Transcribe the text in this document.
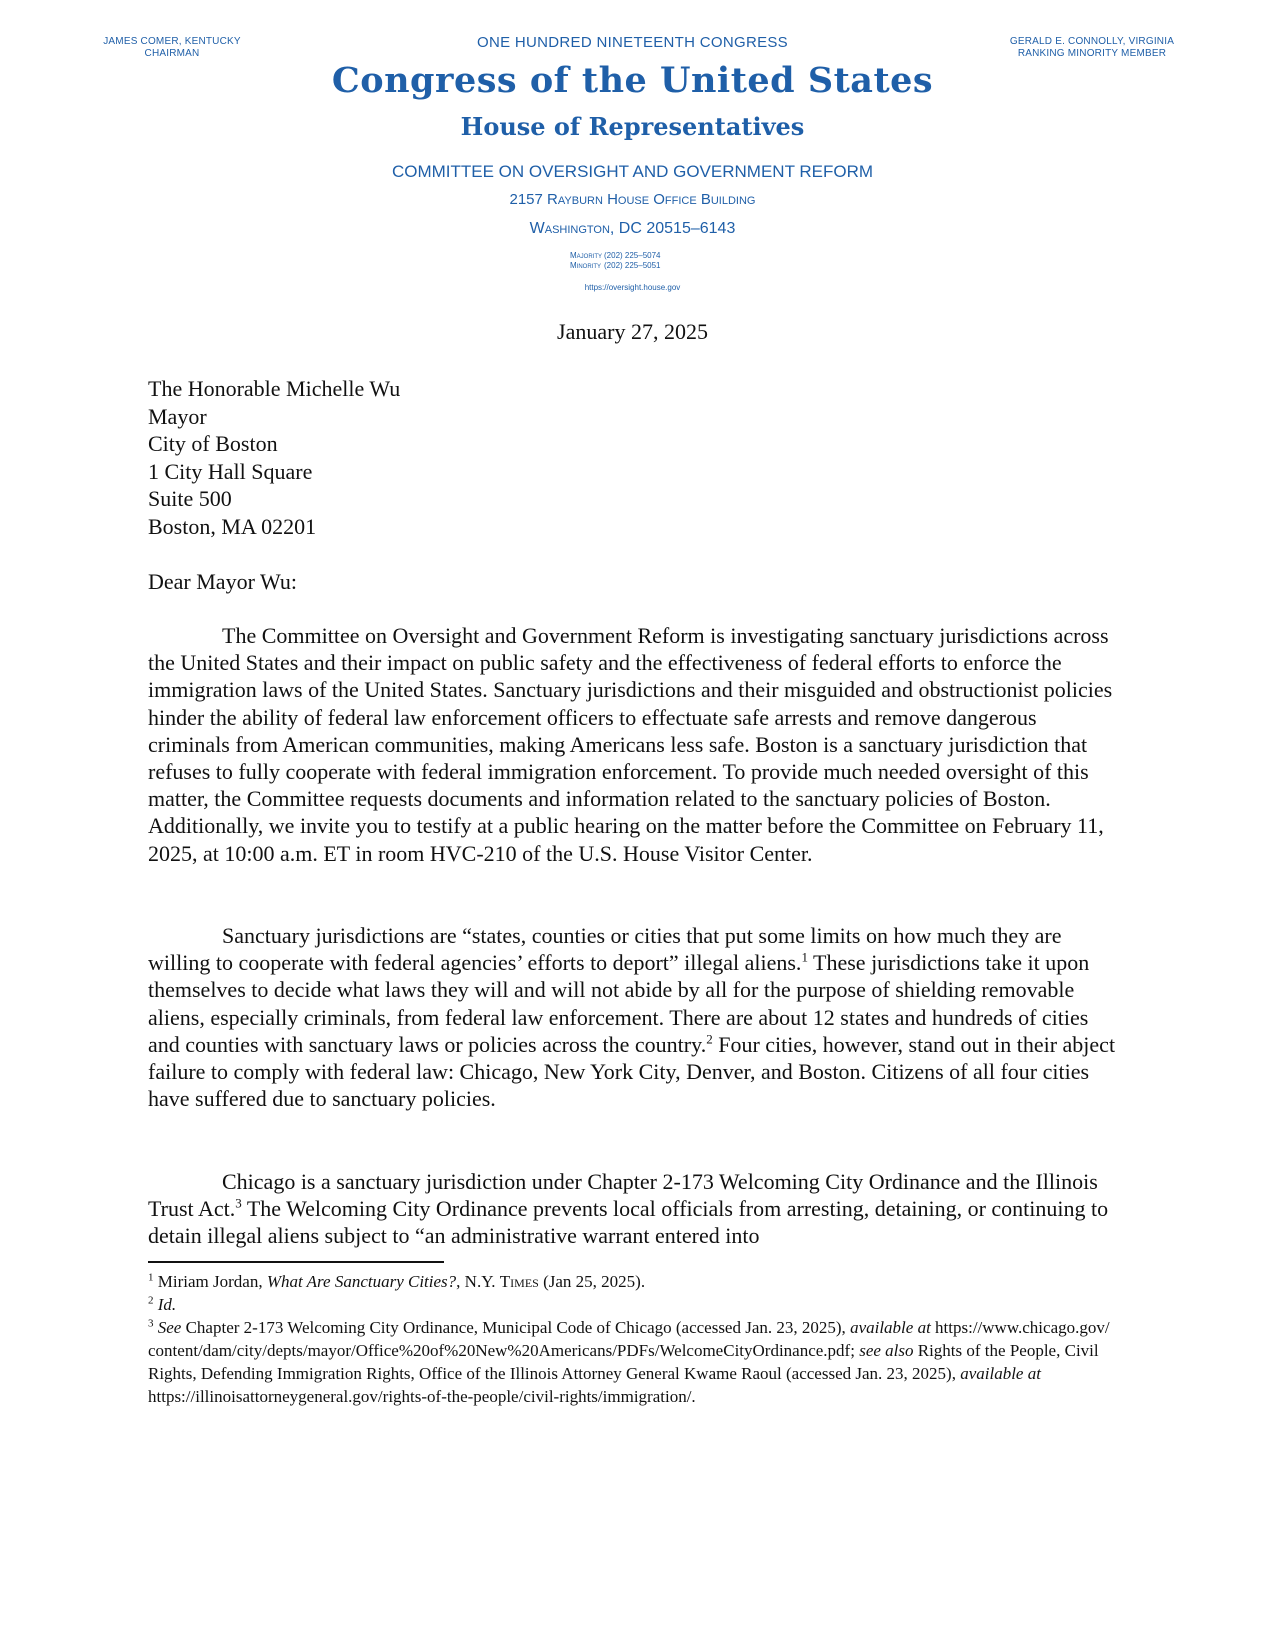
JAMES COMER, KENTUCKY
CHAIRMAN
GERALD E. CONNOLLY, VIRGINIA
RANKING MINORITY MEMBER
ONE HUNDRED NINETEENTH CONGRESS
Congress of the United States
House of Representatives
COMMITTEE ON OVERSIGHT AND GOVERNMENT REFORM
2157 Rayburn House Office Building
Washington, DC 20515–6143
Majority (202) 225–5074
Minority (202) 225–5051
https://oversight.house.gov
January 27, 2025
The Honorable Michelle Wu
Mayor
City of Boston
1 City Hall Square
Suite 500
Boston, MA 02201
Dear Mayor Wu:
The Committee on Oversight and Government Reform is investigating sanctuary jurisdictions across the United States and their impact on public safety and the effectiveness of federal efforts to enforce the immigration laws of the United States. Sanctuary jurisdictions and their misguided and obstructionist policies hinder the ability of federal law enforcement officers to effectuate safe arrests and remove dangerous criminals from American communities, making Americans less safe. Boston is a sanctuary jurisdiction that refuses to fully cooperate with federal immigration enforcement. To provide much needed oversight of this matter, the Committee requests documents and information related to the sanctuary policies of Boston. Additionally, we invite you to testify at a public hearing on the matter before the Committee on February 11, 2025, at 10:00 a.m. ET in room HVC-210 of the U.S. House Visitor Center.
Sanctuary jurisdictions are “states, counties or cities that put some limits on how much they are willing to cooperate with federal agencies’ efforts to deport” illegal aliens.$^1$ These jurisdictions take it upon themselves to decide what laws they will and will not abide by all for the purpose of shielding removable aliens, especially criminals, from federal law enforcement. There are about 12 states and hundreds of cities and counties with sanctuary laws or policies across the country.$^2$ Four cities, however, stand out in their abject failure to comply with federal law: Chicago, New York City, Denver, and Boston. Citizens of all four cities have suffered due to sanctuary policies.
Chicago is a sanctuary jurisdiction under Chapter 2-173 Welcoming City Ordinance and the Illinois Trust Act.$^3$ The Welcoming City Ordinance prevents local officials from arresting, detaining, or continuing to detain illegal aliens subject to “an administrative warrant entered into

$^1$ Miriam Jordan, What Are Sanctuary Cities?, N.Y. Times (Jan 25, 2025).

$^2$ Id.

$^3$ See Chapter 2-173 Welcoming City Ordinance, Municipal Code of Chicago (accessed Jan. 23, 2025), available at https://www.chicago.gov/content/dam/city/depts/mayor/Office%20of%20New%20Americans/PDFs/WelcomeCityOrdinance.pdf; see also Rights of the People, Civil Rights, Defending Immigration Rights, Office of the Illinois Attorney General Kwame Raoul (accessed Jan. 23, 2025), available at https://illinoisattorneygeneral.gov/rights-of-the-people/civil-rights/immigration/.
